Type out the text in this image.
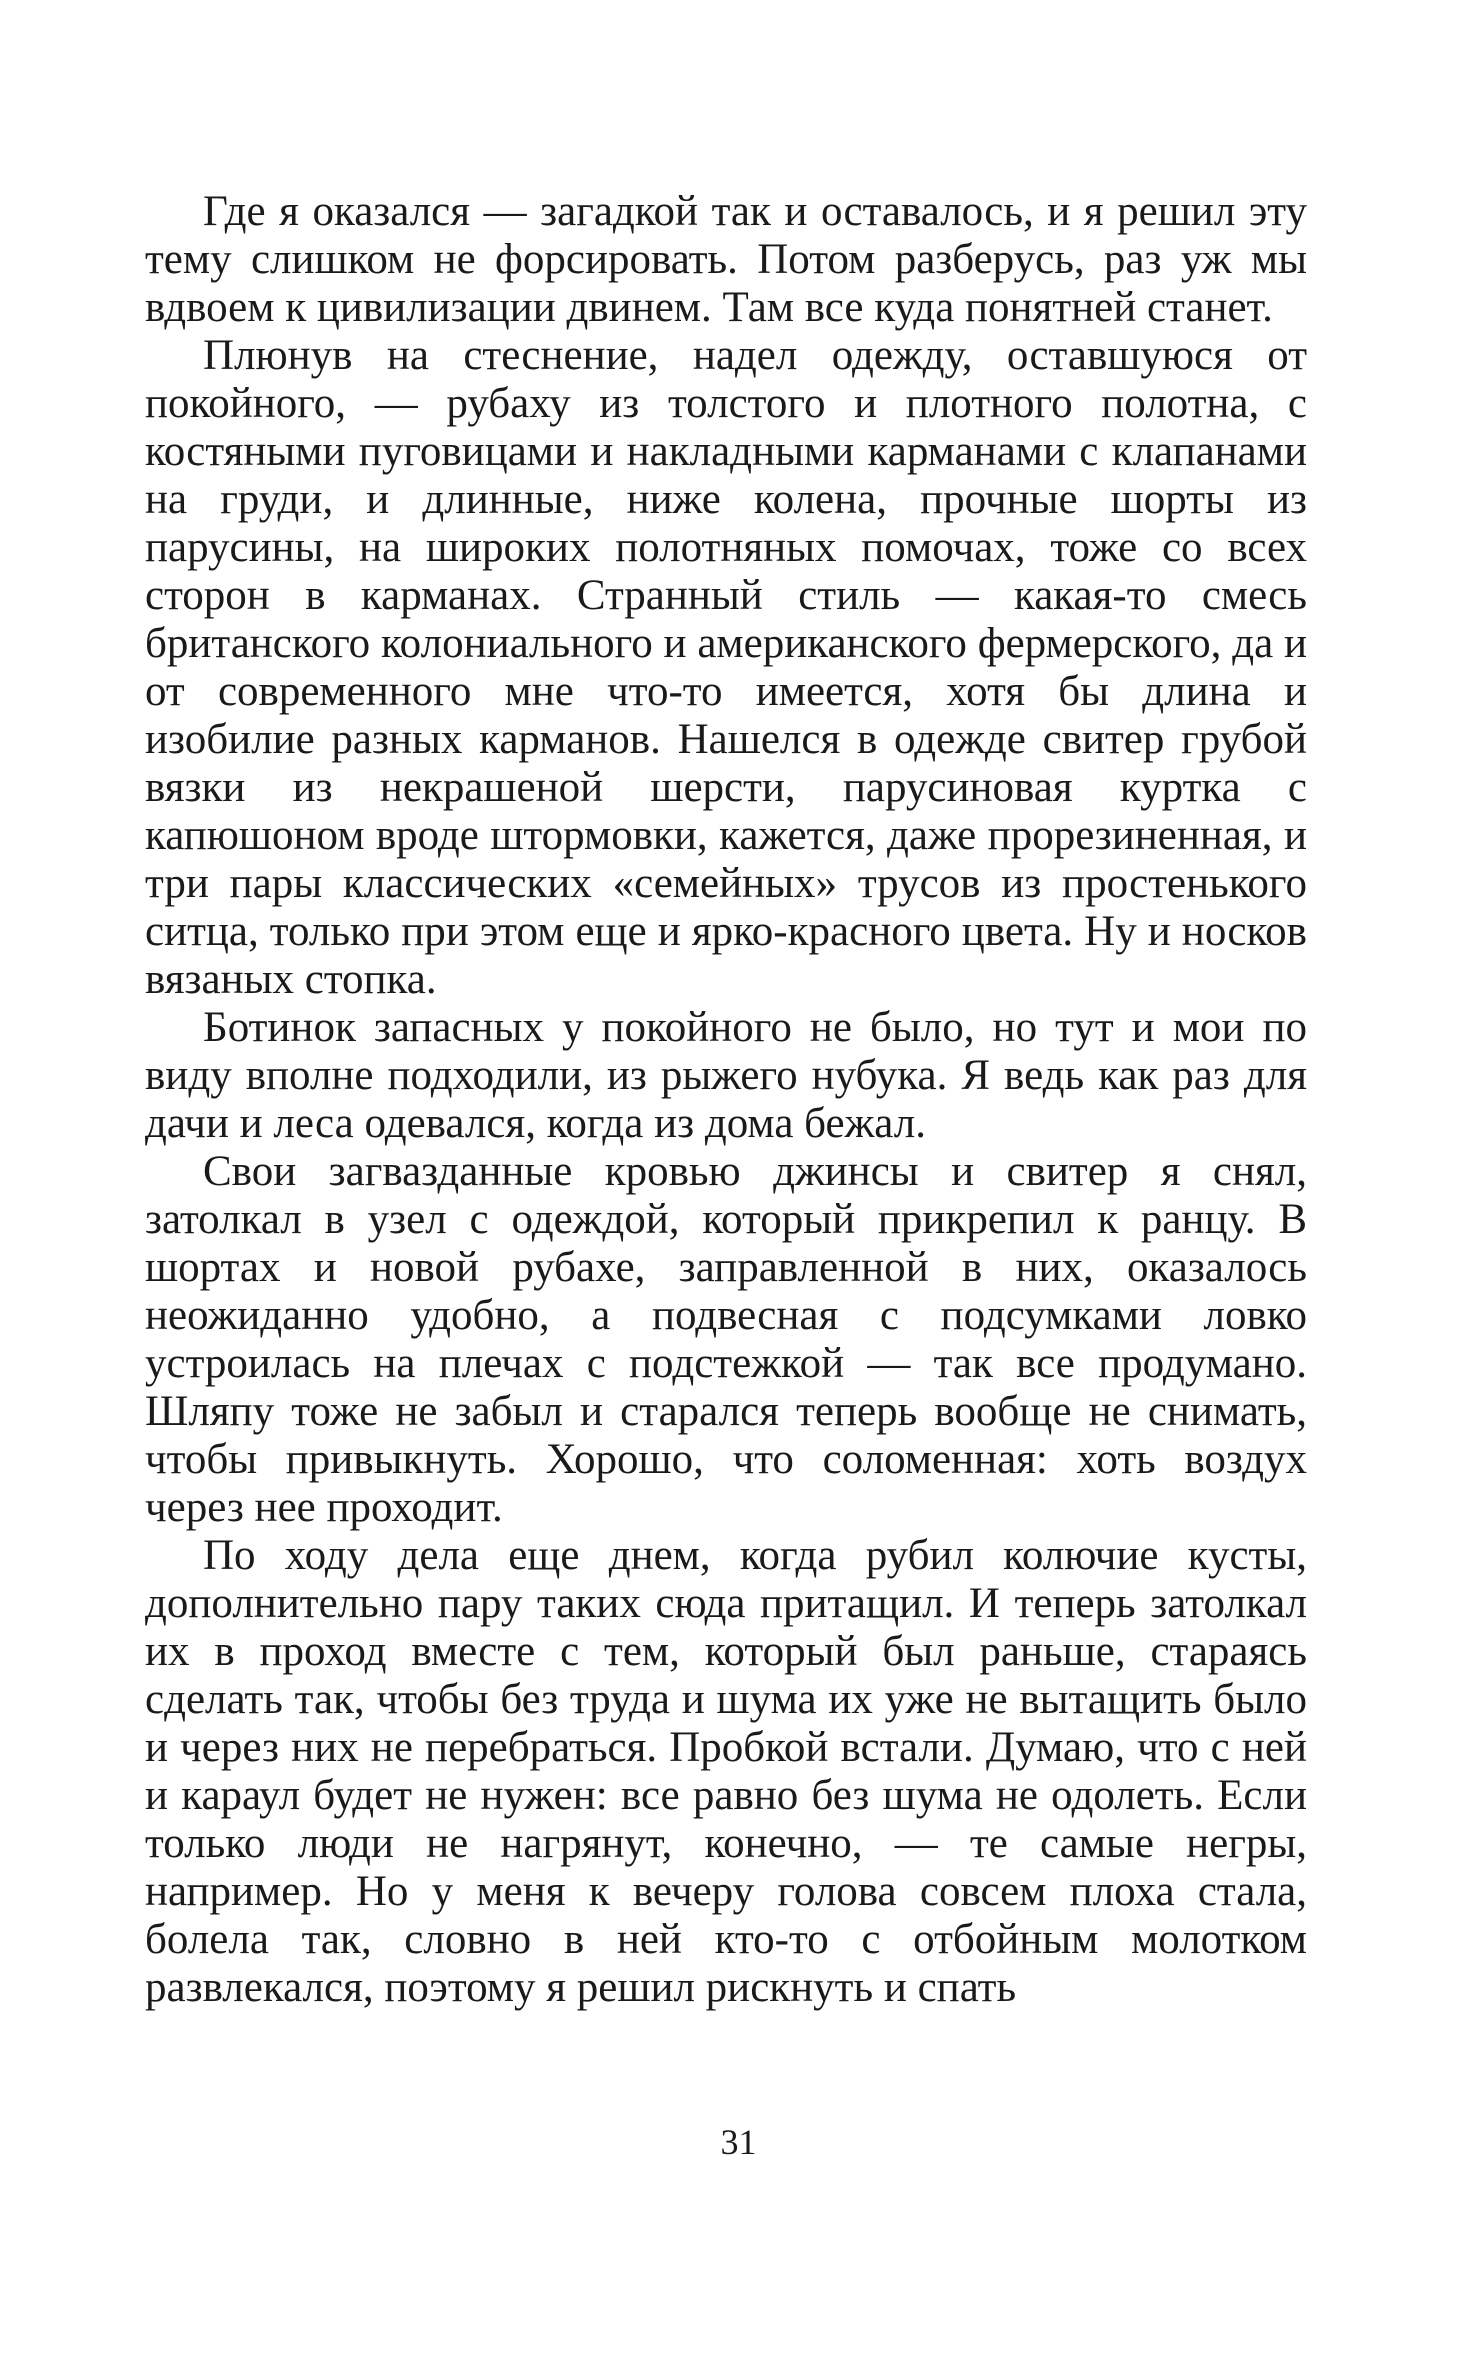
Где я оказался — загадкой так и оставалось, и я решил эту тему слишком не форсировать. Потом разберусь, раз уж мы вдвоем к цивилизации двинем. Там все куда понятней станет.

Плюнув на стеснение, надел одежду, оставшуюся от покойного, — рубаху из толстого и плотного полотна, с костяными пуговицами и накладными карманами с клапанами на груди, и длинные, ниже колена, прочные шорты из парусины, на широких полотняных помочах, тоже со всех сторон в карманах. Странный стиль — какая-то смесь британского колониального и американского фермерского, да и от современного мне что-то имеется, хотя бы длина и изобилие разных карманов. Нашелся в одежде свитер грубой вязки из некрашеной шерсти, парусиновая куртка с капюшоном вроде штормовки, кажется, даже прорезиненная, и три пары классических «семейных» трусов из простенького ситца, только при этом еще и ярко-красного цвета. Ну и носков вязаных стопка.

Ботинок запасных у покойного не было, но тут и мои по виду вполне подходили, из рыжего нубука. Я ведь как раз для дачи и леса одевался, когда из дома бежал.

Свои загвазданные кровью джинсы и свитер я снял, затолкал в узел с одеждой, который прикрепил к ранцу. В шортах и новой рубахе, заправленной в них, оказалось неожиданно удобно, а подвесная с подсумками ловко устроилась на плечах с подстежкой — так все продумано. Шляпу тоже не забыл и старался теперь вообще не снимать, чтобы привыкнуть. Хорошо, что соломенная: хоть воздух через нее проходит.

По ходу дела еще днем, когда рубил колючие кусты, дополнительно пару таких сюда притащил. И теперь затолкал их в проход вместе с тем, который был раньше, стараясь сделать так, чтобы без труда и шума их уже не вытащить было и через них не перебраться. Пробкой встали. Думаю, что с ней и караул будет не нужен: все равно без шума не одолеть. Если только люди не нагрянут, конечно, — те самые негры, например. Но у меня к вечеру голова совсем плоха стала, болела так, словно в ней кто-то с отбойным молотком развлекался, поэтому я решил рискнуть и спать

31
